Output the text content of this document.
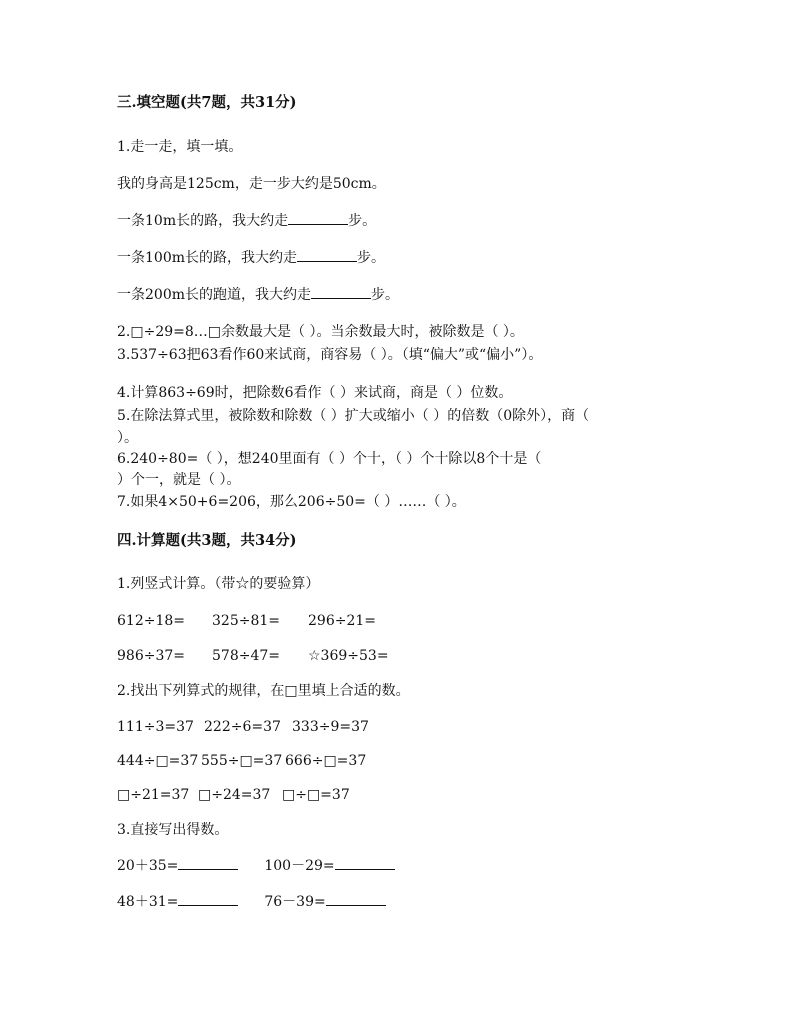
三.填空题(共7题，共31分)
1.走一走，填一填。
我的身高是125cm，走一步大约是50cm。
一条10m长的路，我大约走	步。
一条100m长的路，我大约走	步。
一条200m长的跑道，我大约走	步。
2.□÷29=8…□余数最大是（ ）。当余数最大时，被除数是（ ）。
3.537÷63把63看作60来试商，商容易（ ）。（填“偏大”或“偏小”）。
4.计算863÷69时，把除数6看作（ ）来试商，商是（ ）位数。
5.在除法算式里，被除数和除数（ ）扩大或缩小（ ）的倍数（0除外），商（
）。
6.240÷80=（ ），想240里面有（ ）个十，（ ）个十除以8个十是（
）个一，就是（ ）。
7.如果4×50+6=206，那么206÷50=（ ）……（ ）。
四.计算题(共3题，共34分)
1.列竖式计算。（带☆的要验算）
612÷18= 325÷81= 296÷21=
986÷37= 578÷47= ☆369÷53=
2.找出下列算式的规律，在□里填上合适的数。
111÷3=37 222÷6=37 333÷9=37
444÷□=37 555÷□=37 666÷□=37
□÷21=37 □÷24=37 □÷□=37
3.直接写出得数。
20＋35=	100－29=
48＋31=	76－39=
